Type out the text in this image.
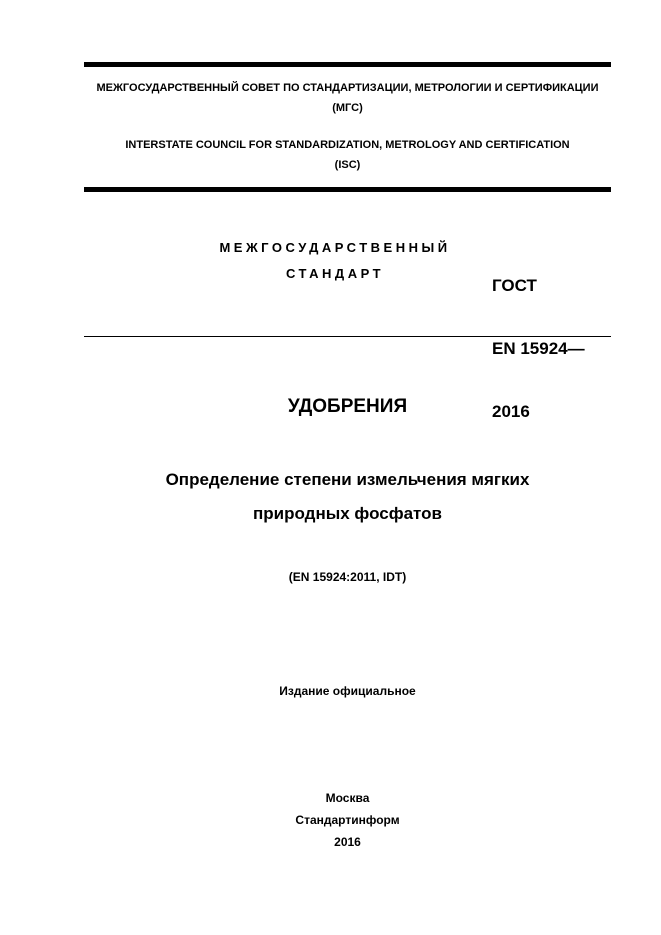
МЕЖГОСУДАРСТВЕННЫЙ СОВЕТ ПО СТАНДАРТИЗАЦИИ, МЕТРОЛОГИИ И СЕРТИФИКАЦИИ
(МГС)
INTERSTATE COUNCIL FOR STANDARDIZATION, METROLOGY AND CERTIFICATION
(ISC)
МЕЖГОСУДАРСТВЕННЫЙ
СТАНДАРТ

ГОСТ

EN 15924—

2016

УДОБРЕНИЯ
Определение степени измельчения мягких
природных фосфатов
(EN 15924:2011, IDT)
Издание официальное
Москва
Стандартинформ
2016
